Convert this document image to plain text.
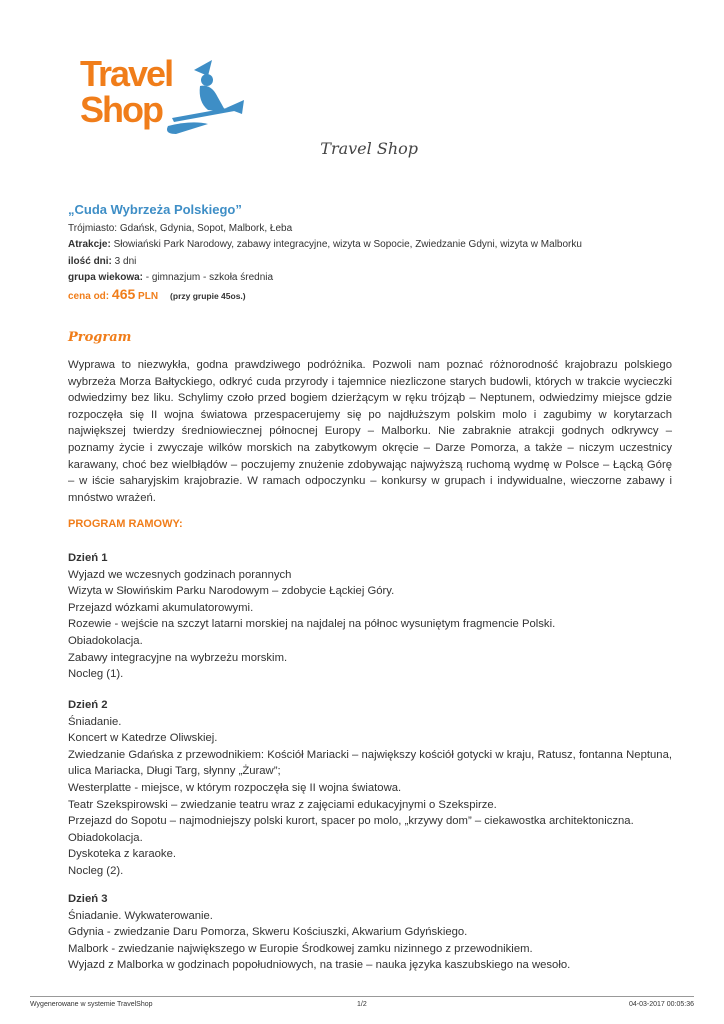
Travel
Shop
Travel Shop
„Cuda Wybrzeża Polskiego”
Trójmiasto: Gdańsk, Gdynia, Sopot, Malbork, Łeba
Atrakcje: Słowiański Park Narodowy, zabawy integracyjne, wizyta w Sopocie, Zwiedzanie Gdyni, wizyta w Malborku
ilość dni: 3 dni
grupa wiekowa: - gimnazjum - szkoła średnia
cena od: 465 PLN (przy grupie 45os.)
Program

Wyprawa to niezwykła, godna prawdziwego podróżnika. Pozwoli nam poznać różnorodność krajobrazu polskiego wybrzeża Morza Bałtyckiego, odkryć cuda przyrody i tajemnice niezliczone starych budowli, których w trakcie wycieczki odwiedzimy bez liku. Schylimy czoło przed bogiem dzierżącym w ręku trójząb – Neptunem, odwiedzimy miejsce gdzie rozpoczęła się II wojna światowa przespacerujemy się po najdłuższym polskim molo i zagubimy w korytarzach największej twierdzy średniowiecznej północnej Europy – Malborku. Nie zabraknie atrakcji godnych odkrywcy – poznamy życie i zwyczaje wilków morskich na zabytkowym okręcie – Darze Pomorza, a także – niczym uczestnicy karawany, choć bez wielbłądów – poczujemy znużenie zdobywając najwyższą ruchomą wydmę w Polsce – Łącką Górę – w iście saharyjskim krajobrazie. W ramach odpoczynku – konkursy w grupach i indywidualne, wieczorne zabawy i mnóstwo wrażeń.

PROGRAM RAMOWY:
Dzień 1

Wyjazd we wczesnych godzinach porannych

Wizyta w Słowińskim Parku Narodowym – zdobycie Łąckiej Góry.

Przejazd wózkami akumulatorowymi.

Rozewie - wejście na szczyt latarni morskiej na najdalej na północ wysuniętym fragmencie Polski.

Obiadokolacja.

Zabawy integracyjne na wybrzeżu morskim.

Nocleg (1).

Dzień 2

Śniadanie.

Koncert w Katedrze Oliwskiej.

Zwiedzanie Gdańska z przewodnikiem: Kościół Mariacki – największy kościół gotycki w kraju, Ratusz, fontanna Neptuna, ulica Mariacka, Długi Targ, słynny „Żuraw”;

Westerplatte - miejsce, w którym rozpoczęła się II wojna światowa.

Teatr Szekspirowski – zwiedzanie teatru wraz z zajęciami edukacyjnymi o Szekspirze.

Przejazd do Sopotu – najmodniejszy polski kurort, spacer po molo, „krzywy dom” – ciekawostka architektoniczna.

Obiadokolacja.

Dyskoteka z karaoke.

Nocleg (2).

Dzień 3

Śniadanie. Wykwaterowanie.

Gdynia - zwiedzanie Daru Pomorza, Skweru Kościuszki, Akwarium Gdyńskiego.

Malbork - zwiedzanie największego w Europie Środkowej zamku nizinnego z przewodnikiem.

Wyjazd z Malborka w godzinach popołudniowych, na trasie – nauka języka kaszubskiego na wesoło.

Wygenerowane w systemie TravelShop	1/2	04-03-2017 00:05:36
